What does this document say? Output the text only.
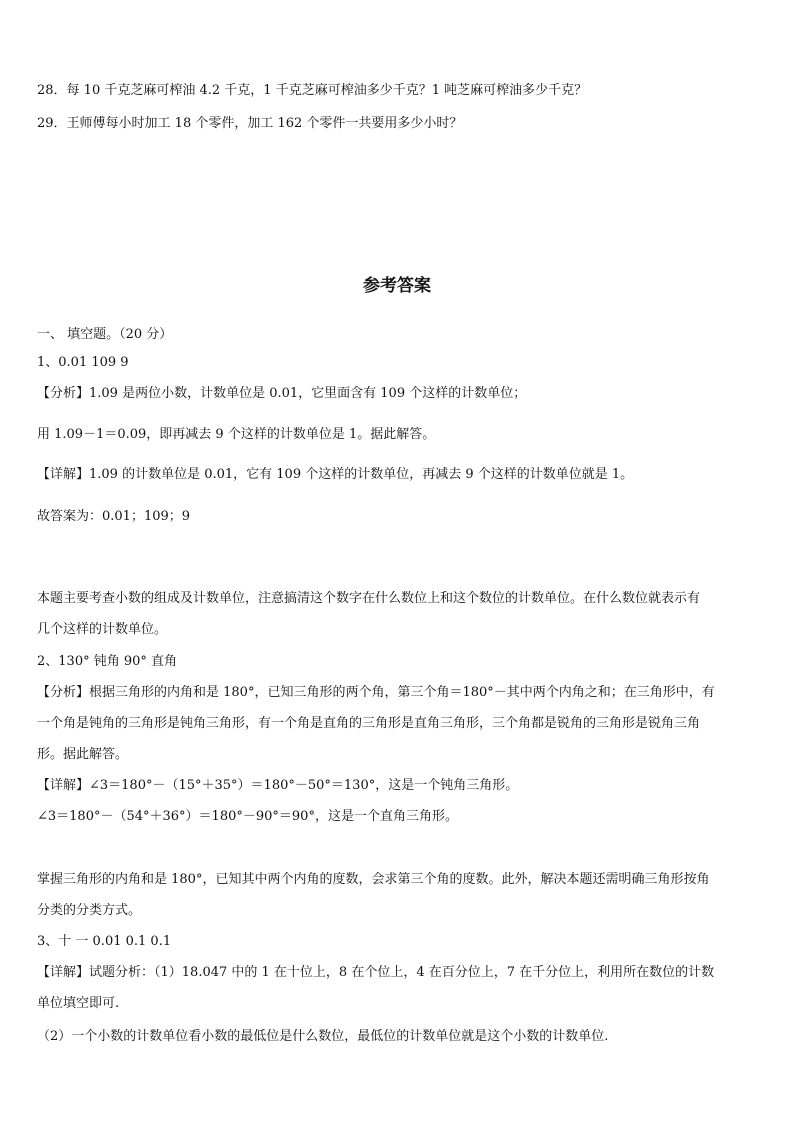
28．每 10 千克芝麻可榨油 4.2 千克，1 千克芝麻可榨油多少千克？1 吨芝麻可榨油多少千克？
29．王师傅每小时加工 18 个零件，加工 162 个零件一共要用多少小时？
参考答案
一、 填空题。（20 分）
1、0.01 109 9
【分析】1.09 是两位小数，计数单位是 0.01，它里面含有 109 个这样的计数单位；
用 1.09－1＝0.09，即再减去 9 个这样的计数单位是 1。据此解答。
【详解】1.09 的计数单位是 0.01，它有 109 个这样的计数单位，再减去 9 个这样的计数单位就是 1。
故答案为：0.01；109；9
本题主要考查小数的组成及计数单位，注意搞清这个数字在什么数位上和这个数位的计数单位。在什么数位就表示有
几个这样的计数单位。
2、130° 钝角 90° 直角
【分析】根据三角形的内角和是 180°，已知三角形的两个角，第三个角＝180°－其中两个内角之和；在三角形中，有
一个角是钝角的三角形是钝角三角形，有一个角是直角的三角形是直角三角形，三个角都是锐角的三角形是锐角三角
形。据此解答。
【详解】∠3＝180°－（15°＋35°）＝180°－50°＝130°，这是一个钝角三角形。
∠3＝180°－（54°＋36°）＝180°－90°＝90°，这是一个直角三角形。
掌握三角形的内角和是 180°，已知其中两个内角的度数，会求第三个角的度数。此外，解决本题还需明确三角形按角
分类的分类方式。
3、十 一 0.01 0.1 0.1
【详解】试题分析：（1）18.047 中的 1 在十位上，8 在个位上，4 在百分位上，7 在千分位上，利用所在数位的计数
单位填空即可.
（2）一个小数的计数单位看小数的最低位是什么数位，最低位的计数单位就是这个小数的计数单位.
